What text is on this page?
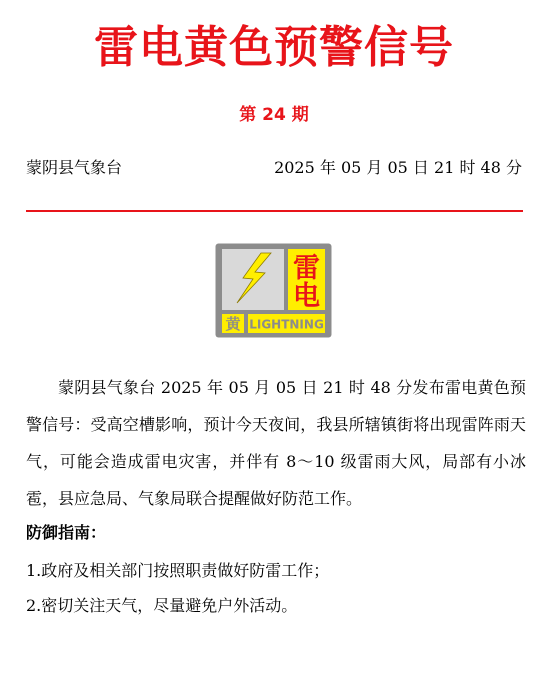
雷电黄色预警信号
第 24 期
蒙阴县气象台	2025 年 05 月 05 日 21 时 48 分
雷
电
黄 LIGHTNING

蒙阴县气象台 2025 年 05 月 05 日 21 时 48 分发布雷电黄色预警信号：受高空槽影响，预计今天夜间，我县所辖镇街将出现雷阵雨天气，可能会造成雷电灾害，并伴有 8～10 级雷雨大风，局部有小冰雹，县应急局、气象局联合提醒做好防范工作。

防御指南：
1.政府及相关部门按照职责做好防雷工作；
2.密切关注天气，尽量避免户外活动。
